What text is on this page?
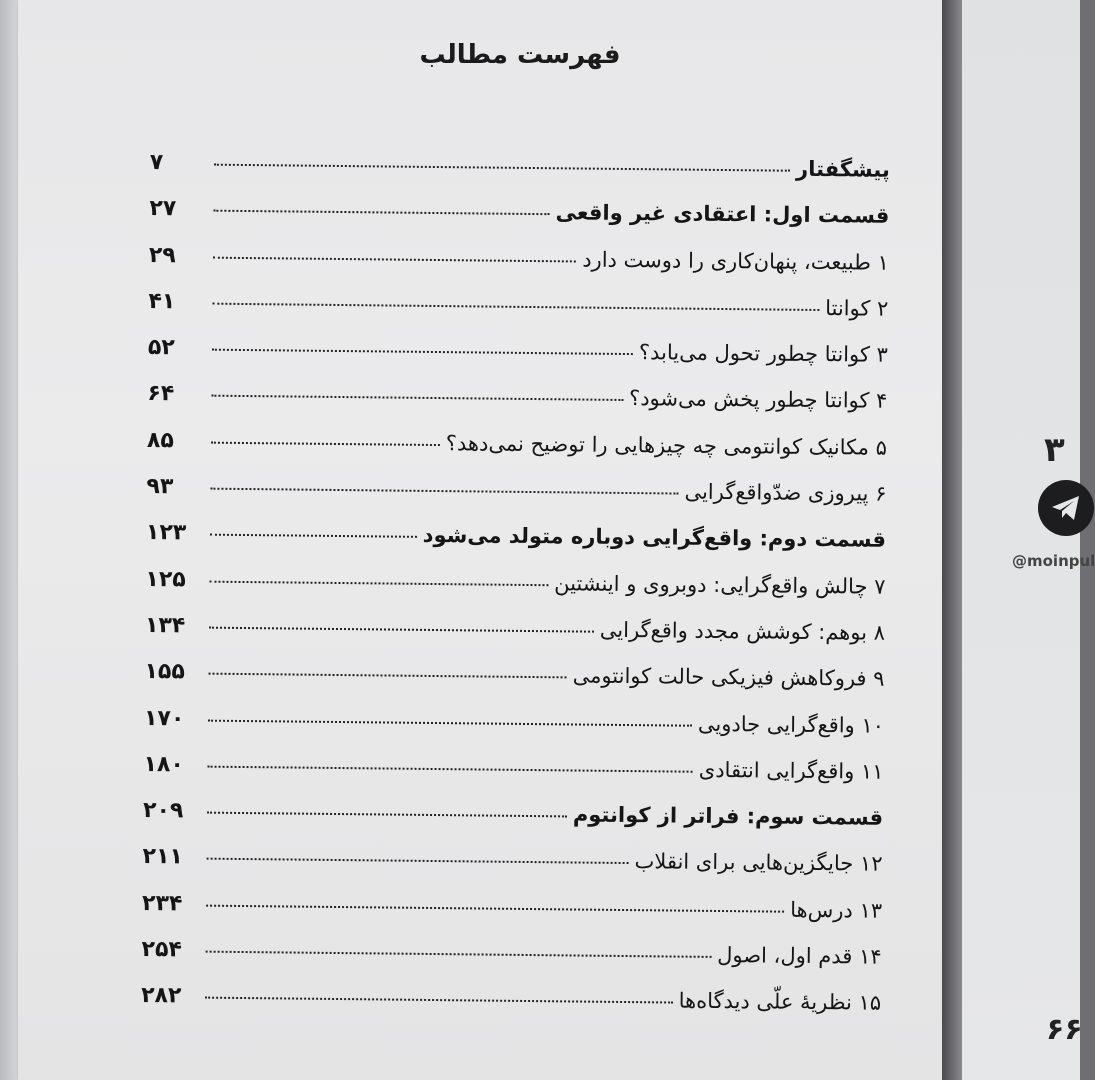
۳
@moinpul
۶۶
فهرست مطالب
پیشگفتار
۷
قسمت اول: اعتقادی غیر واقعی
۲۷
۱ طبیعت، پنهان‌کاری را دوست دارد
۲۹
۲ کوانتا
۴۱
۳ کوانتا چطور تحول می‌یابد؟
۵۲
۴ کوانتا چطور پخش می‌شود؟
۶۴
۵ مکانیک کوانتومی چه چیزهایی را توضیح نمی‌دهد؟
۸۵
۶ پیروزی ضدّواقع‌گرایی
۹۳
قسمت دوم: واقع‌گرایی دوباره متولد می‌شود
۱۲۳
۷ چالش واقع‌گرایی: دوبروی و اینشتین
۱۲۵
۸ بوهم: کوشش مجدد واقع‌گرایی
۱۳۴
۹ فروکاهش فیزیکی حالت کوانتومی
۱۵۵
۱۰ واقع‌گرایی جادویی
۱۷۰
۱۱ واقع‌گرایی انتقادی
۱۸۰
قسمت سوم: فراتر از کوانتوم
۲۰۹
۱۲ جایگزین‌هایی برای انقلاب
۲۱۱
۱۳ درس‌ها
۲۳۴
۱۴ قدم اول، اصول
۲۵۴
۱۵ نظریهٔ علّی دیدگاه‌ها
۲۸۲
